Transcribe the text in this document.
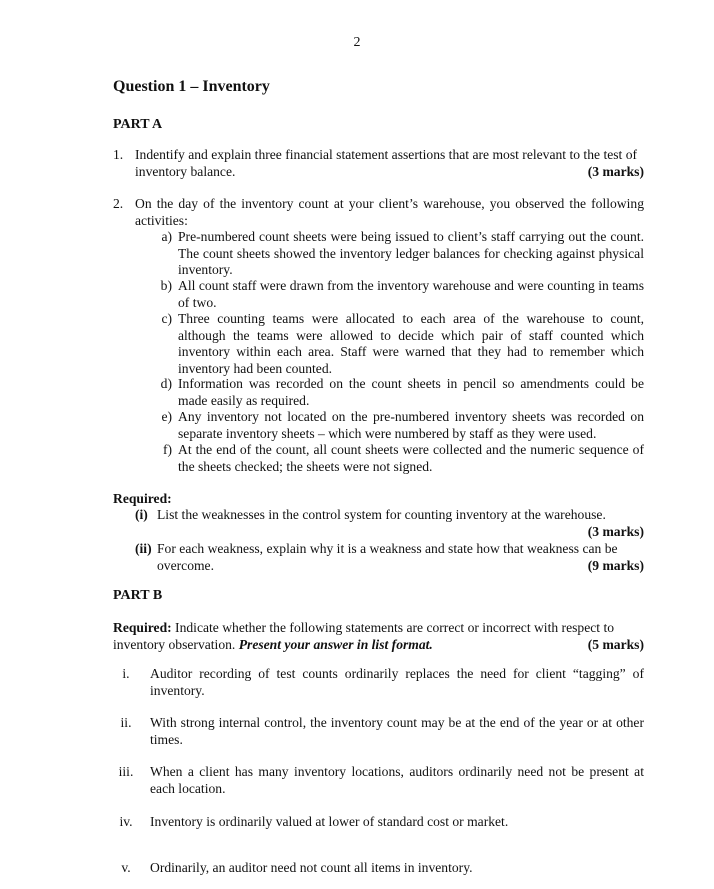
2
Question 1 – Inventory
PART A
1. Indentify and explain three financial statement assertions that are most relevant to the test of inventory balance.	(3 marks)
2. On the day of the inventory count at your client’s warehouse, you observed the following activities:
a) Pre-numbered count sheets were being issued to client’s staff carrying out the count. The count sheets showed the inventory ledger balances for checking against physical inventory.
b) All count staff were drawn from the inventory warehouse and were counting in teams of two.
c) Three counting teams were allocated to each area of the warehouse to count, although the teams were allowed to decide which pair of staff counted which inventory within each area. Staff were warned that they had to remember which inventory had been counted.
d) Information was recorded on the count sheets in pencil so amendments could be made easily as required.
e) Any inventory not located on the pre-numbered inventory sheets was recorded on separate inventory sheets – which were numbered by staff as they were used.
f) At the end of the count, all count sheets were collected and the numeric sequence of the sheets checked; the sheets were not signed.
Required:
(i) List the weaknesses in the control system for counting inventory at the warehouse.
(3 marks)
(ii) For each weakness, explain why it is a weakness and state how that weakness can be overcome.	(9 marks)
PART B
Required: Indicate whether the following statements are correct or incorrect with respect to inventory observation. Present your answer in list format.	(5 marks)
i.	Auditor recording of test counts ordinarily replaces the need for client “tagging” of inventory.
ii.	With strong internal control, the inventory count may be at the end of the year or at other times.
iii.	When a client has many inventory locations, auditors ordinarily need not be present at each location.
iv.	Inventory is ordinarily valued at lower of standard cost or market.
v.	Ordinarily, an auditor need not count all items in inventory.
